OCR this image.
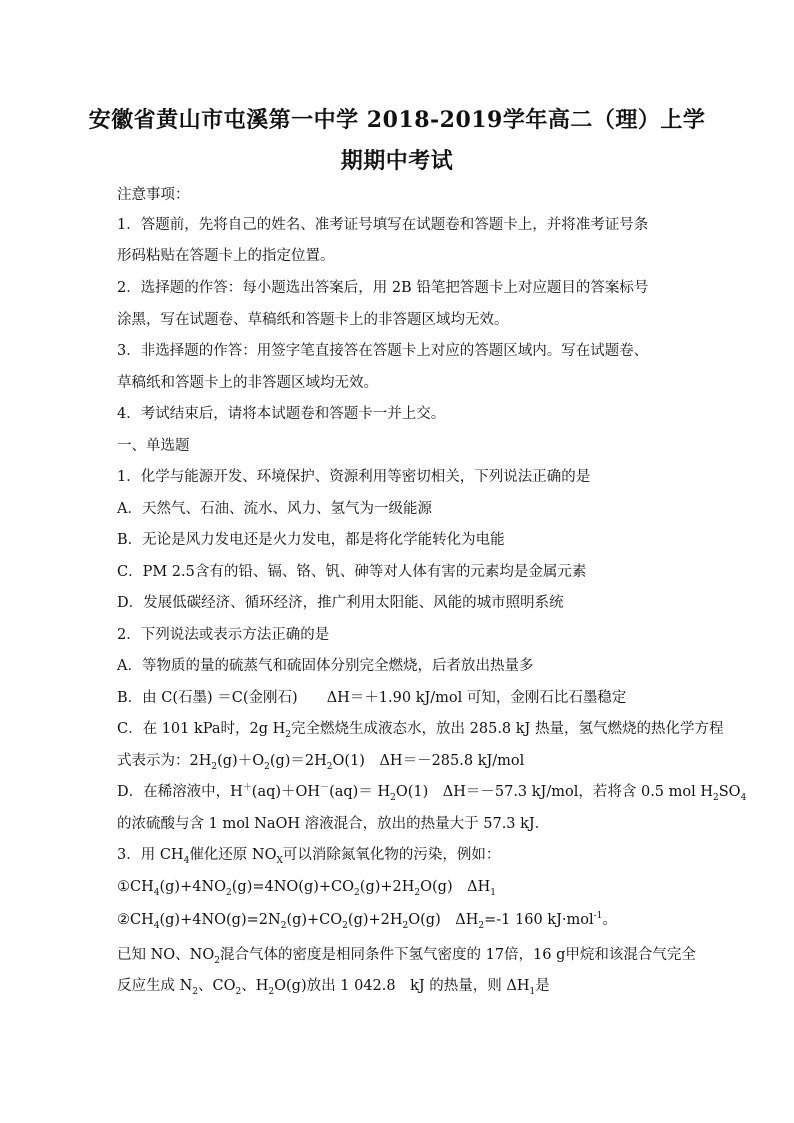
安徽省黄山市屯溪第一中学 2018-2019学年高二（理）上学
期期中考试
注意事项：
1．答题前，先将自己的姓名、准考证号填写在试题卷和答题卡上，并将准考证号条
形码粘贴在答题卡上的指定位置。
2．选择题的作答：每小题选出答案后，用 2B 铅笔把答题卡上对应题目的答案标号
涂黑，写在试题卷、草稿纸和答题卡上的非答题区域均无效。
3．非选择题的作答：用签字笔直接答在答题卡上对应的答题区域内。写在试题卷、
草稿纸和答题卡上的非答题区域均无效。
4．考试结束后，请将本试题卷和答题卡一并上交。
一、单选题
1．化学与能源开发、环境保护、资源利用等密切相关，下列说法正确的是
A．天然气、石油、流水、风力、氢气为一级能源
B．无论是风力发电还是火力发电，都是将化学能转化为电能
C．PM 2.5含有的铅、镉、铬、钒、砷等对人体有害的元素均是金属元素
D．发展低碳经济、循环经济，推广利用太阳能、风能的城市照明系统
2．下列说法或表示方法正确的是
A．等物质的量的硫蒸气和硫固体分别完全燃烧，后者放出热量多
B．由 C(石墨) ＝C(金刚石)　　ΔH＝＋1.90 kJ/mol 可知，金刚石比石墨稳定
C．在 101 kPa时，2g $H_2$完全燃烧生成液态水，放出 285.8 kJ 热量，氢气燃烧的热化学方程
式表示为：$2H_2(g)+O_2(g)=2H_2O(1)$　ΔH＝－285.8 kJ/mol
D．在稀溶液中，$H^+(aq)+OH^-(aq)= H_2O(1)$　ΔH＝－57.3 kJ/mol，若将含 0.5 mol $H_2SO_4$
的浓硫酸与含 1 mol NaOH 溶液混合，放出的热量大于 57.3 kJ．
3．用 $CH_4$催化还原 $NO_X$可以消除氮氧化物的污染，例如：
$①CH_4(g)+4NO_2(g)=4NO(g)+CO_2(g)+2H_2O(g)$　$\Delta H_1$
$②CH_4(g)+4NO(g)=2N_2(g)+CO_2(g)+2H_2O(g)$　$\Delta H_2=-1$ 160 kJ·mol$^{-1}$。
已知 NO、$NO_2$混合气体的密度是相同条件下氢气密度的 17倍，16 g甲烷和该混合气完全
反应生成 $N_2$、$CO_2$、$H_2O(g)$放出 1 042.8　kJ 的热量，则 $\Delta H_1$是
